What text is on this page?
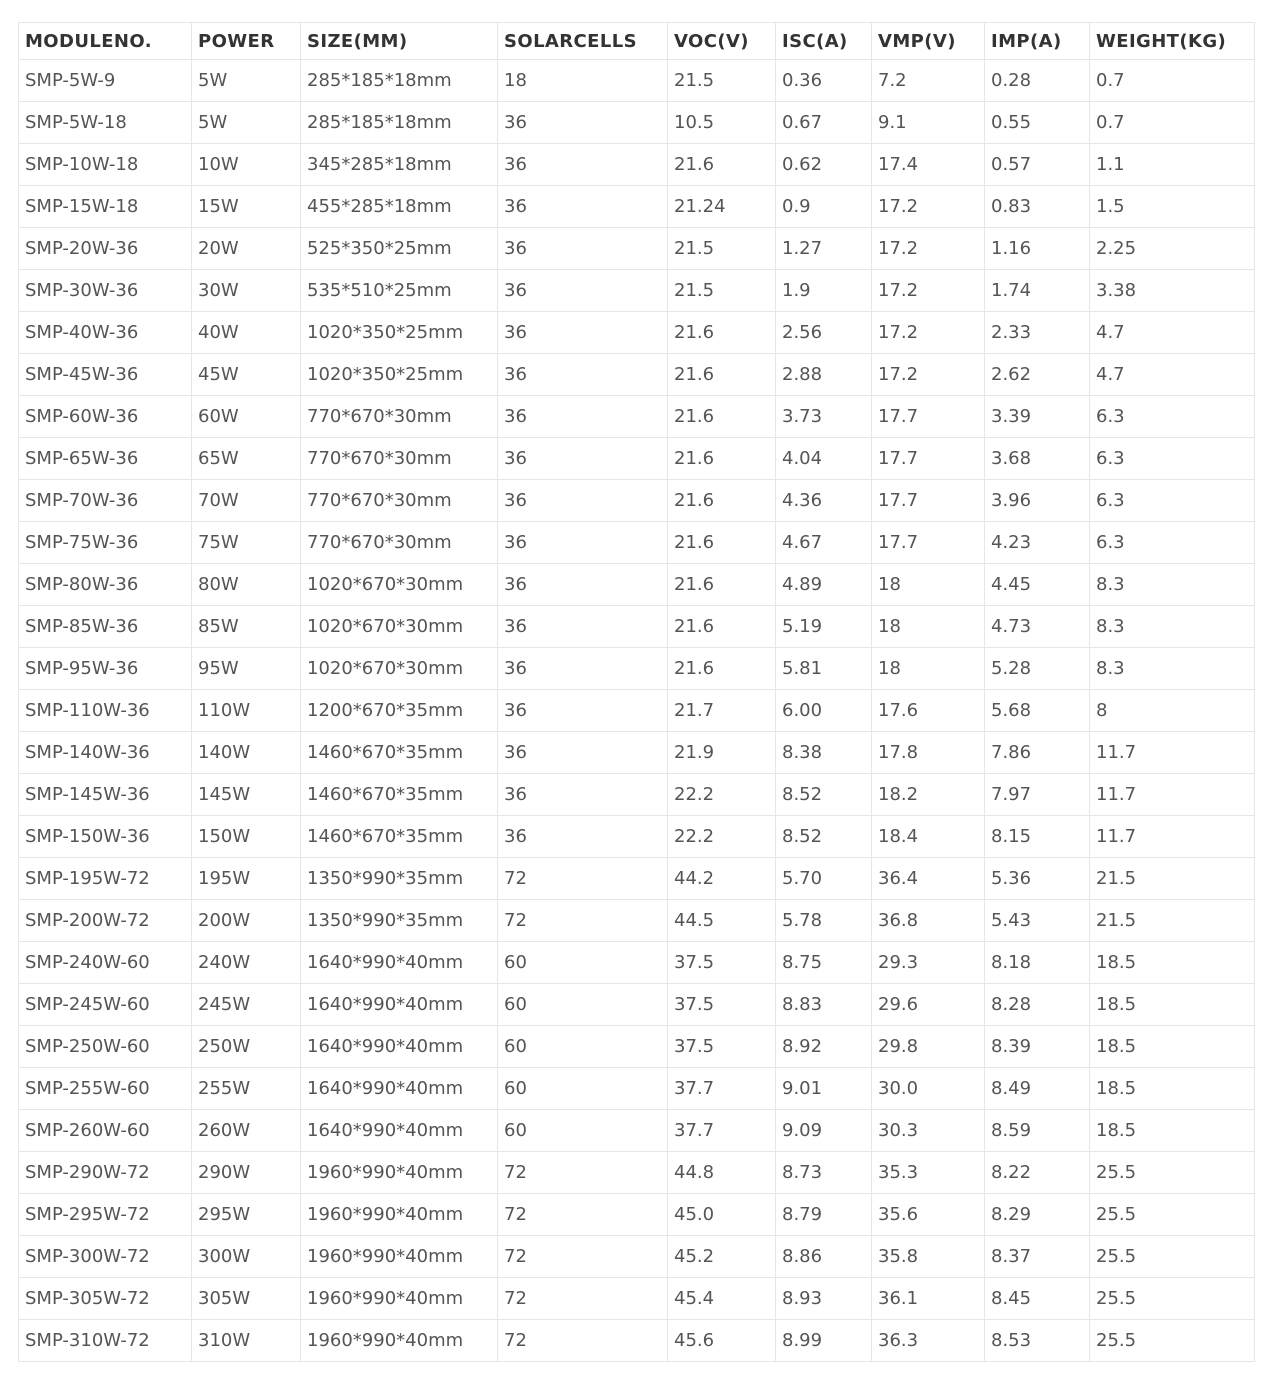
MODULENO.	POWER	SIZE(MM)	SOLARCELLS	VOC(V)	ISC(A)	VMP(V)	IMP(A)	WEIGHT(KG)
SMP-5W-9	5W	285*185*18mm	18	21.5	0.36	7.2	0.28	0.7
SMP-5W-18	5W	285*185*18mm	36	10.5	0.67	9.1	0.55	0.7
SMP-10W-18	10W	345*285*18mm	36	21.6	0.62	17.4	0.57	1.1
SMP-15W-18	15W	455*285*18mm	36	21.24	0.9	17.2	0.83	1.5
SMP-20W-36	20W	525*350*25mm	36	21.5	1.27	17.2	1.16	2.25
SMP-30W-36	30W	535*510*25mm	36	21.5	1.9	17.2	1.74	3.38
SMP-40W-36	40W	1020*350*25mm	36	21.6	2.56	17.2	2.33	4.7
SMP-45W-36	45W	1020*350*25mm	36	21.6	2.88	17.2	2.62	4.7
SMP-60W-36	60W	770*670*30mm	36	21.6	3.73	17.7	3.39	6.3
SMP-65W-36	65W	770*670*30mm	36	21.6	4.04	17.7	3.68	6.3
SMP-70W-36	70W	770*670*30mm	36	21.6	4.36	17.7	3.96	6.3
SMP-75W-36	75W	770*670*30mm	36	21.6	4.67	17.7	4.23	6.3
SMP-80W-36	80W	1020*670*30mm	36	21.6	4.89	18	4.45	8.3
SMP-85W-36	85W	1020*670*30mm	36	21.6	5.19	18	4.73	8.3
SMP-95W-36	95W	1020*670*30mm	36	21.6	5.81	18	5.28	8.3
SMP-110W-36	110W	1200*670*35mm	36	21.7	6.00	17.6	5.68	8
SMP-140W-36	140W	1460*670*35mm	36	21.9	8.38	17.8	7.86	11.7
SMP-145W-36	145W	1460*670*35mm	36	22.2	8.52	18.2	7.97	11.7
SMP-150W-36	150W	1460*670*35mm	36	22.2	8.52	18.4	8.15	11.7
SMP-195W-72	195W	1350*990*35mm	72	44.2	5.70	36.4	5.36	21.5
SMP-200W-72	200W	1350*990*35mm	72	44.5	5.78	36.8	5.43	21.5
SMP-240W-60	240W	1640*990*40mm	60	37.5	8.75	29.3	8.18	18.5
SMP-245W-60	245W	1640*990*40mm	60	37.5	8.83	29.6	8.28	18.5
SMP-250W-60	250W	1640*990*40mm	60	37.5	8.92	29.8	8.39	18.5
SMP-255W-60	255W	1640*990*40mm	60	37.7	9.01	30.0	8.49	18.5
SMP-260W-60	260W	1640*990*40mm	60	37.7	9.09	30.3	8.59	18.5
SMP-290W-72	290W	1960*990*40mm	72	44.8	8.73	35.3	8.22	25.5
SMP-295W-72	295W	1960*990*40mm	72	45.0	8.79	35.6	8.29	25.5
SMP-300W-72	300W	1960*990*40mm	72	45.2	8.86	35.8	8.37	25.5
SMP-305W-72	305W	1960*990*40mm	72	45.4	8.93	36.1	8.45	25.5
SMP-310W-72	310W	1960*990*40mm	72	45.6	8.99	36.3	8.53	25.5
